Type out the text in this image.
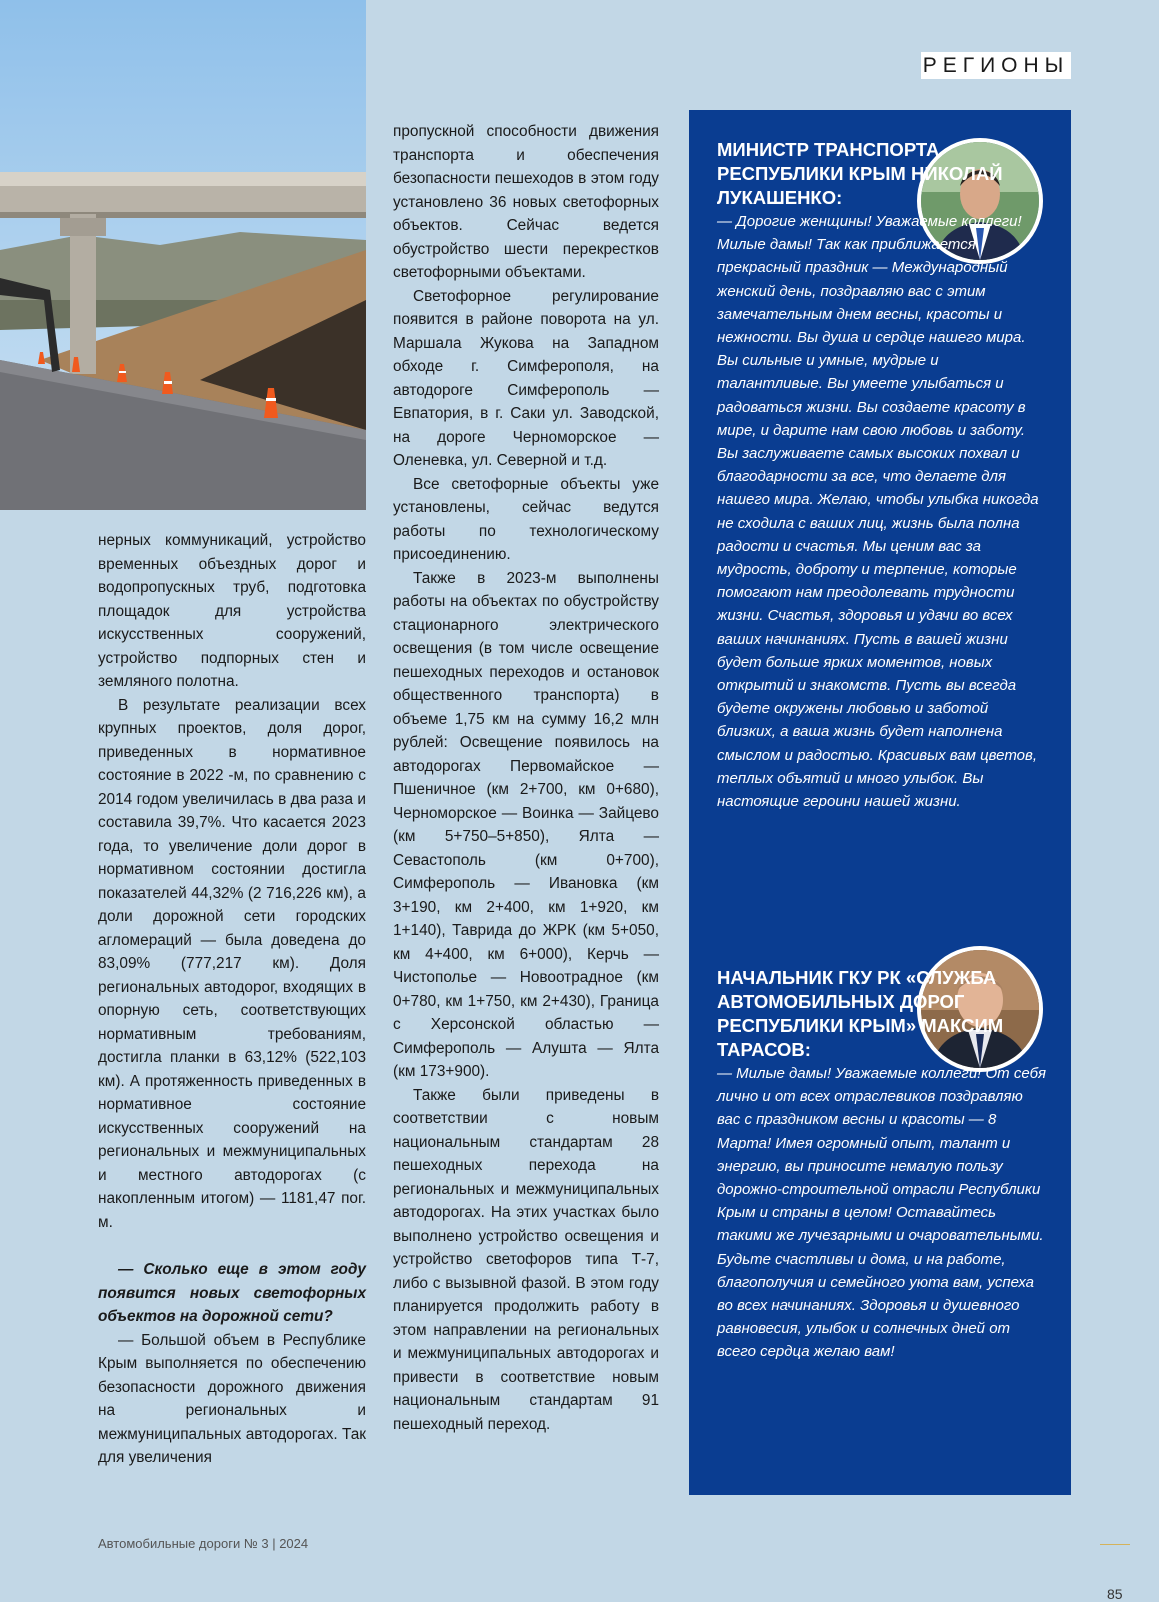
РЕГИОНЫ

нерных коммуникаций, устройство временных объездных дорог и водопропускных труб, подготовка площадок для устройства искусственных сооружений, устройство подпорных стен и земляного полотна.

В результате реализации всех крупных проектов, доля дорог, приведенных в нормативное состояние в 2022 -м, по сравнению с 2014 годом увеличилась в два раза и составила 39,7%. Что касается 2023 года, то увеличение доли дорог в нормативном состоянии достигла показателей 44,32% (2 716,226 км), а доли дорожной сети городских агломераций — была доведена до 83,09% (777,217 км). Доля региональных автодорог, входящих в опорную сеть, соответствующих нормативным требованиям, достигла планки в 63,12% (522,103 км). А протяженность приведенных в нормативное состояние искусственных сооружений на региональных и межмуниципальных и местного автодорогах (с накопленным итогом) — 1181,47 пог. м.

— Сколько еще в этом году появится новых светофорных объектов на дорожной сети?

— Большой объем в Республике Крым выполняется по обеспечению безопасности дорожного движения на региональных и межмуниципальных автодорогах. Так для увеличения

пропускной способности движения транспорта и обеспечения безопасности пешеходов в этом году установлено 36 новых светофорных объектов. Сейчас ведется обустройство шести перекрестков светофорными объектами.

Светофорное регулирование появится в районе поворота на ул. Маршала Жукова на Западном обходе г. Симферополя, на автодороге Симферополь — Евпатория, в г. Саки ул. Заводской, на дороге Черноморское — Оленевка, ул. Северной и т.д.

Все светофорные объекты уже установлены, сейчас ведутся работы по технологическому присоединению.

Также в 2023-м выполнены работы на объектах по обустройству стационарного электрического освещения (в том числе освещение пешеходных переходов и остановок общественного транспорта) в объеме 1,75 км на сумму 16,2 млн рублей: Освещение появилось на автодорогах Первомайское — Пшеничное (км 2+700, км 0+680), Черноморское — Воинка — Зайцево (км 5+750–5+850), Ялта — Севастополь (км 0+700), Симферополь — Ивановка (км 3+190, км 2+400, км 1+920, км 1+140), Таврида до ЖРК (км 5+050, км 4+400, км 6+000), Керчь — Чистополье — Новоотрадное (км 0+780, км 1+750, км 2+430), Граница с Херсонской областью — Симферополь — Алушта — Ялта (км 173+900).

Также были приведены в соответствии с новым национальным стандартам 28 пешеходных перехода на региональных и межмуниципальных автодорогах. На этих участках было выполнено устройство освещения и устройство светофоров типа Т-7, либо с вызывной фазой. В этом году планируется продолжить работу в этом направлении на региональных и межмуниципальных автодорогах и привести в соответствие новым национальным стандартам 91 пешеходный переход.

МИНИСТР ТРАНСПОРТА РЕСПУБЛИКИ КРЫМ НИКОЛАЙ ЛУКАШЕНКО:

— Дорогие женщины! Уважаемые коллеги! Милые дамы! Так как приближается прекрасный праздник — Международный женский день, поздравляю вас с этим замечательным днем весны, красоты и нежности. Вы душа и сердце нашего мира. Вы сильные и умные, мудрые и талантливые. Вы умеете улыбаться и радоваться жизни. Вы создаете красоту в мире, и дарите нам свою любовь и заботу. Вы заслуживаете самых высоких похвал и благодарности за все, что делаете для нашего мира. Желаю, чтобы улыбка никогда не сходила с ваших лиц, жизнь была полна радости и счастья. Мы ценим вас за мудрость, доброту и терпение, которые помогают нам преодолевать трудности жизни. Счастья, здоровья и удачи во всех ваших начинаниях. Пусть в вашей жизни будет больше ярких моментов, новых открытий и знакомств. Пусть вы всегда будете окружены любовью и заботой близких, а ваша жизнь будет наполнена смыслом и радостью. Красивых вам цветов, теплых объятий и много улыбок. Вы настоящие героини нашей жизни.

НАЧАЛЬНИК ГКУ РК «СЛУЖБА АВТОМОБИЛЬНЫХ ДОРОГ РЕСПУБЛИКИ КРЫМ» МАКСИМ ТАРАСОВ:

— Милые дамы! Уважаемые коллеги! От себя лично и от всех отраслевиков поздравляю вас с праздником весны и красоты — 8 Марта! Имея огромный опыт, талант и энергию, вы приносите немалую пользу дорожно-строительной отрасли Республики Крым и страны в целом! Оставайтесь такими же лучезарными и очаровательными. Будьте счастливы и дома, и на работе, благополучия и семейного уюта вам, успеха во всех начинаниях. Здоровья и душевного равновесия, улыбок и солнечных дней от всего сердца желаю вам!

Автомобильные дороги № 3 | 2024
85
